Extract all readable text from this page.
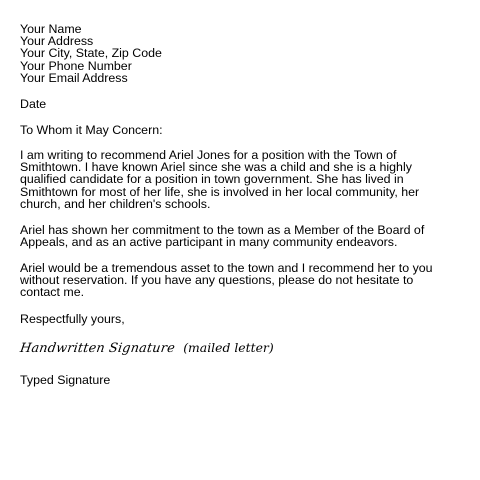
Your Name
Your Address
Your City, State, Zip Code
Your Phone Number
Your Email Address
Date
To Whom it May Concern:
I am writing to recommend Ariel Jones for a position with the Town of
Smithtown. I have known Ariel since she was a child and she is a highly
qualified candidate for a position in town government. She has lived in
Smithtown for most of her life, she is involved in her local community, her
church, and her children's schools.
Ariel has shown her commitment to the town as a Member of the Board of
Appeals, and as an active participant in many community endeavors.
Ariel would be a tremendous asset to the town and I recommend her to you
without reservation. If you have any questions, please do not hesitate to
contact me.
Respectfully yours,
Handwritten Signature (mailed letter)
Typed Signature
